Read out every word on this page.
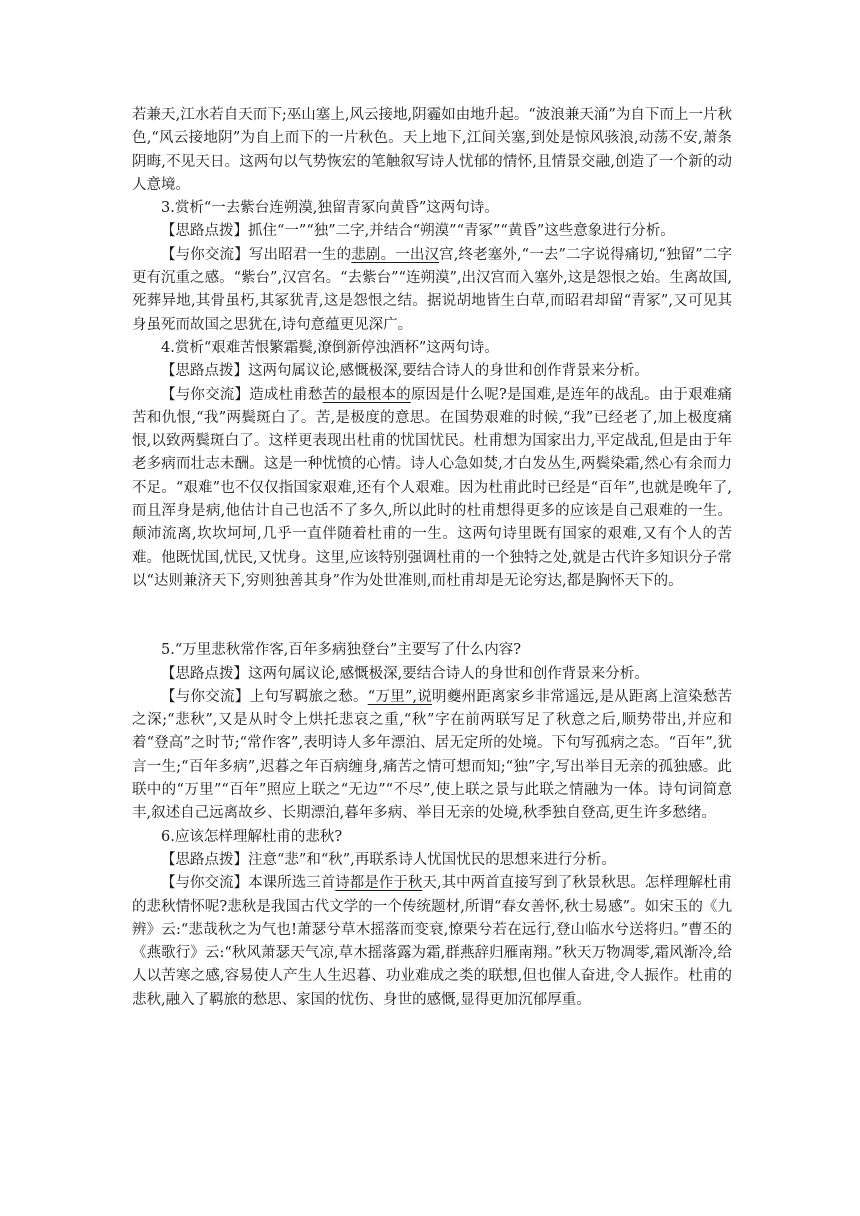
若兼天,江水若自天而下;巫山塞上,风云接地,阴霾如由地升起。“波浪兼天涌”为自下而上一片秋色,“风云接地阴”为自上而下的一片秋色。天上地下,江间关塞,到处是惊风骇浪,动荡不安,萧条阴晦,不见天日。这两句以气势恢宏的笔触叙写诗人忧郁的情怀,且情景交融,创造了一个新的动人意境。

3.赏析“一去紫台连朔漠,独留青冢向黄昏”这两句诗。

【思路点拨】抓住“一”“独”二字,并结合“朔漠”“青冢”“黄昏”这些意象进行分析。

【与你交流】写出昭君一生的悲剧。一出汉宫,终老塞外,“一去”二字说得痛切,“独留”二字更有沉重之感。“紫台”,汉宫名。“去紫台”“连朔漠”,出汉宫而入塞外,这是怨恨之始。生离故国,死葬异地,其骨虽朽,其冢犹青,这是怨恨之结。据说胡地皆生白草,而昭君却留“青冢”,又可见其身虽死而故国之思犹在,诗句意蕴更见深广。

4.赏析“艰难苦恨繁霜鬓,潦倒新停浊酒杯”这两句诗。

【思路点拨】这两句属议论,感慨极深,要结合诗人的身世和创作背景来分析。

【与你交流】造成杜甫愁苦的最根本的原因是什么呢?是国难,是连年的战乱。由于艰难痛苦和仇恨,“我”两鬓斑白了。苦,是极度的意思。在国势艰难的时候,“我”已经老了,加上极度痛恨,以致两鬓斑白了。这样更表现出杜甫的忧国忧民。杜甫想为国家出力,平定战乱,但是由于年老多病而壮志未酬。这是一种忧愤的心情。诗人心急如焚,才白发丛生,两鬓染霜,然心有余而力不足。“艰难”也不仅仅指国家艰难,还有个人艰难。因为杜甫此时已经是“百年”,也就是晚年了,而且浑身是病,他估计自己也活不了多久,所以此时的杜甫想得更多的应该是自己艰难的一生。颠沛流离,坎坎坷坷,几乎一直伴随着杜甫的一生。这两句诗里既有国家的艰难,又有个人的苦难。他既忧国,忧民,又忧身。这里,应该特别强调杜甫的一个独特之处,就是古代许多知识分子常以“达则兼济天下,穷则独善其身”作为处世准则,而杜甫却是无论穷达,都是胸怀天下的。

5.“万里悲秋常作客,百年多病独登台”主要写了什么内容?

【思路点拨】这两句属议论,感慨极深,要结合诗人的身世和创作背景来分析。

【与你交流】上句写羁旅之愁。“万里”,说明夔州距离家乡非常遥远,是从距离上渲染愁苦之深;“悲秋”,又是从时令上烘托悲哀之重,“秋”字在前两联写足了秋意之后,顺势带出,并应和着“登高”之时节;“常作客”,表明诗人多年漂泊、居无定所的处境。下句写孤病之态。“百年”,犹言一生;“百年多病”,迟暮之年百病缠身,痛苦之情可想而知;“独”字,写出举目无亲的孤独感。此联中的“万里”“百年”照应上联之“无边”“不尽”,使上联之景与此联之情融为一体。诗句词简意丰,叙述自己远离故乡、长期漂泊,暮年多病、举目无亲的处境,秋季独自登高,更生许多愁绪。

6.应该怎样理解杜甫的悲秋?

【思路点拨】注意“悲”和“秋”,再联系诗人忧国忧民的思想来进行分析。

【与你交流】本课所选三首诗都是作于秋天,其中两首直接写到了秋景秋思。怎样理解杜甫的悲秋情怀呢?悲秋是我国古代文学的一个传统题材,所谓“春女善怀,秋士易感”。如宋玉的《九辨》云:“悲哉秋之为气也!萧瑟兮草木摇落而变衰,憭栗兮若在远行,登山临水兮送将归。”曹丕的《燕歌行》云:“秋风萧瑟天气凉,草木摇落露为霜,群燕辞归雁南翔。”秋天万物凋零,霜风渐冷,给人以苦寒之感,容易使人产生人生迟暮、功业难成之类的联想,但也催人奋进,令人振作。杜甫的悲秋,融入了羁旅的愁思、家国的忧伤、身世的感慨,显得更加沉郁厚重。
